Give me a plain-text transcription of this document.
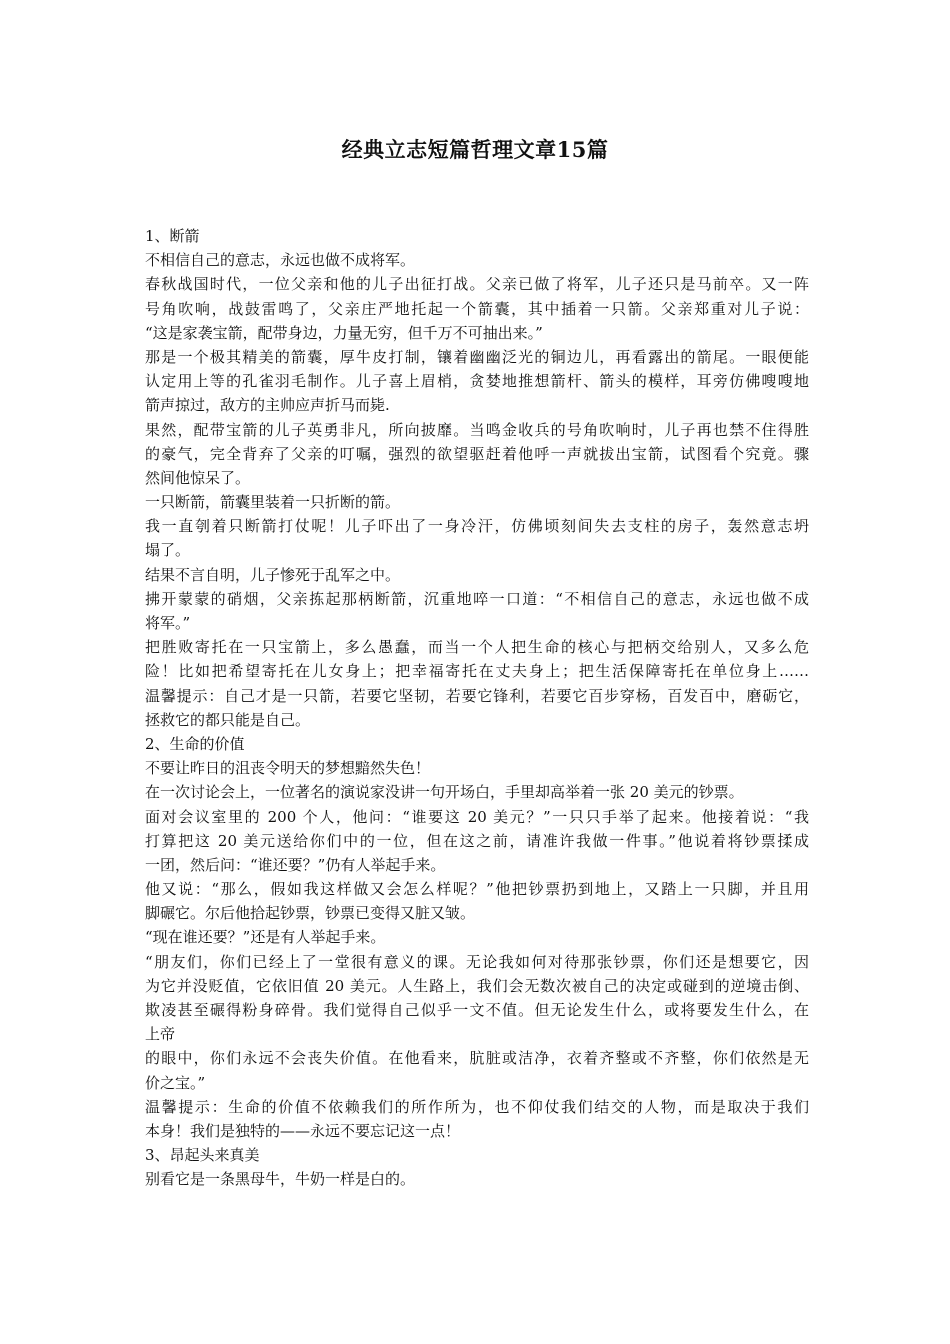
经典立志短篇哲理文章15篇
1、断箭
不相信自己的意志，永远也做不成将军。
春秋战国时代，一位父亲和他的儿子出征打战。父亲已做了将军，儿子还只是马前卒。又一阵
号角吹响，战鼓雷鸣了，父亲庄严地托起一个箭囊，其中插着一只箭。父亲郑重对儿子说：
“这是家袭宝箭，配带身边，力量无穷，但千万不可抽出来。”
那是一个极其精美的箭囊，厚牛皮打制，镶着幽幽泛光的铜边儿，再看露出的箭尾。一眼便能
认定用上等的孔雀羽毛制作。儿子喜上眉梢，贪婪地推想箭杆、箭头的模样，耳旁仿佛嗖嗖地
箭声掠过，敌方的主帅应声折马而毙.
果然，配带宝箭的儿子英勇非凡，所向披靡。当鸣金收兵的号角吹响时，儿子再也禁不住得胜
的豪气，完全背弃了父亲的叮嘱，强烈的欲望驱赶着他呼一声就拔出宝箭，试图看个究竟。骤
然间他惊呆了。
一只断箭，箭囊里装着一只折断的箭。
我一直刳着只断箭打仗呢！儿子吓出了一身冷汗，仿佛顷刻间失去支柱的房子，轰然意志坍
塌了。
结果不言自明，儿子惨死于乱军之中。
拂开蒙蒙的硝烟，父亲拣起那柄断箭，沉重地啐一口道：“不相信自己的意志，永远也做不成
将军。”
把胜败寄托在一只宝箭上，多么愚蠢，而当一个人把生命的核心与把柄交给别人，又多么危
险！比如把希望寄托在儿女身上；把幸福寄托在丈夫身上；把生活保障寄托在单位身上……
温馨提示：自己才是一只箭，若要它坚韧，若要它锋利，若要它百步穿杨，百发百中，磨砺它，
拯救它的都只能是自己。
2、生命的价值
不要让昨日的沮丧令明天的梦想黯然失色！
在一次讨论会上，一位著名的演说家没讲一句开场白，手里却高举着一张 20 美元的钞票。
面对会议室里的 200 个人，他问：“谁要这 20 美元？”一只只手举了起来。他接着说：“我
打算把这 20 美元送给你们中的一位，但在这之前，请准许我做一件事。”他说着将钞票揉成
一团，然后问：“谁还要？”仍有人举起手来。
他又说：“那么，假如我这样做又会怎么样呢？”他把钞票扔到地上，又踏上一只脚，并且用
脚碾它。尔后他拾起钞票，钞票已变得又脏又皱。
“现在谁还要？”还是有人举起手来。
“朋友们，你们已经上了一堂很有意义的课。无论我如何对待那张钞票，你们还是想要它，因
为它并没贬值，它依旧值 20 美元。人生路上，我们会无数次被自己的决定或碰到的逆境击倒、
欺凌甚至碾得粉身碎骨。我们觉得自己似乎一文不值。但无论发生什么，或将要发生什么，在
上帝
的眼中，你们永远不会丧失价值。在他看来，肮脏或洁净，衣着齐整或不齐整，你们依然是无
价之宝。”
温馨提示：生命的价值不依赖我们的所作所为，也不仰仗我们结交的人物，而是取决于我们
本身！我们是独特的——永远不要忘记这一点！
3、昂起头来真美
别看它是一条黑母牛，牛奶一样是白的。
